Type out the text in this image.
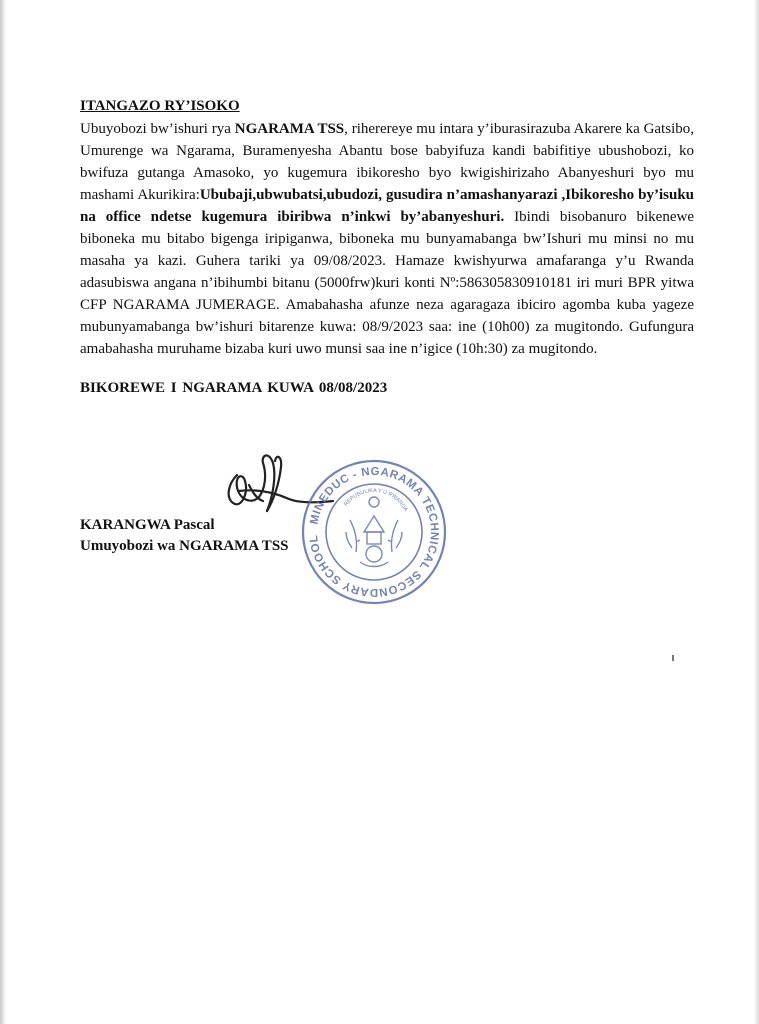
ITANGAZO RY’ISOKO

Ubuyobozi bw’ishuri rya NGARAMA TSS, riherereye mu intara y’iburasirazuba Akarere ka Gatsibo, Umurenge wa Ngarama, Buramenyesha Abantu bose babyifuza kandi babifitiye ubushobozi, ko bwifuza gutanga Amasoko, yo kugemura ibikoresho byo kwigishirizaho Abanyeshuri byo mu mashami Akurikira:Ububaji,ubwubatsi,ubudozi, gusudira n’amashanyarazi ,Ibikoresho by’isuku na office ndetse kugemura ibiribwa n’inkwi by’abanyeshuri. Ibindi bisobanuro bikenewe biboneka mu bitabo bigenga iripiganwa, biboneka mu bunyamabanga bw’Ishuri mu minsi no mu masaha ya kazi. Guhera tariki ya 09/08/2023. Hamaze kwishyurwa amafaranga y’u Rwanda adasubiswa angana n’ibihumbi bitanu (5000frw)kuri konti Nº:586305830910181 iri muri BPR yitwa CFP NGARAMA JUMERAGE. Amabahasha afunze neza agaragaza ibiciro agomba kuba yageze mubunyamabanga bw’ishuri bitarenze kuwa: 08/9/2023 saa: ine (10h00) za mugitondo. Gufungura amabahasha muruhame bizaba kuri uwo munsi saa ine n’igice (10h:30) za mugitondo.

BIKOREWE I NGARAMA KUWA 08/08/2023
MINEDUC - NGARAMA TECHNICAL SECONDARY SCHOOL
REPUBULIKA Y’U RWANDA
KARANGWA Pascal
Umuyobozi wa NGARAMA TSS
